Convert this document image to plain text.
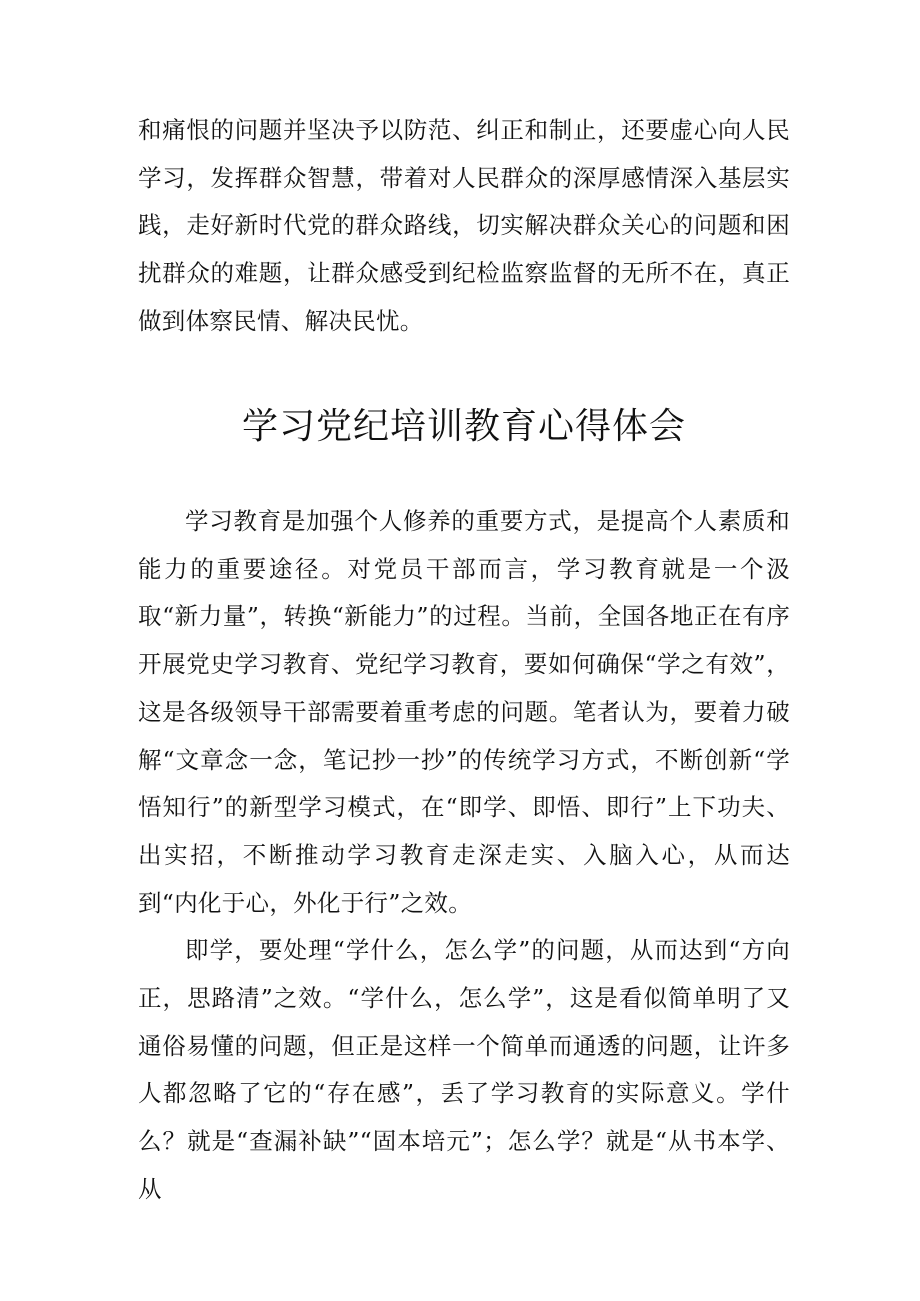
和痛恨的问题并坚决予以防范、纠正和制止，还要虚心向人民学习，发挥群众智慧，带着对人民群众的深厚感情深入基层实践，走好新时代党的群众路线，切实解决群众关心的问题和困扰群众的难题，让群众感受到纪检监察监督的无所不在，真正做到体察民情、解决民忧。
学习党纪培训教育心得体会

学习教育是加强个人修养的重要方式，是提高个人素质和能力的重要途径。对党员干部而言，学习教育就是一个汲取“新力量”，转换“新能力”的过程。当前，全国各地正在有序开展党史学习教育、党纪学习教育，要如何确保“学之有效”，这是各级领导干部需要着重考虑的问题。笔者认为，要着力破解“文章念一念，笔记抄一抄”的传统学习方式，不断创新“学悟知行”的新型学习模式，在“即学、即悟、即行”上下功夫、出实招，不断推动学习教育走深走实、入脑入心，从而达到“内化于心，外化于行”之效。

即学，要处理“学什么，怎么学”的问题，从而达到“方向正，思路清”之效。“学什么，怎么学”，这是看似简单明了又通俗易懂的问题，但正是这样一个简单而通透的问题，让许多人都忽略了它的“存在感”，丢了学习教育的实际意义。学什么？就是“查漏补缺”“固本培元”；怎么学？就是“从书本学、从
